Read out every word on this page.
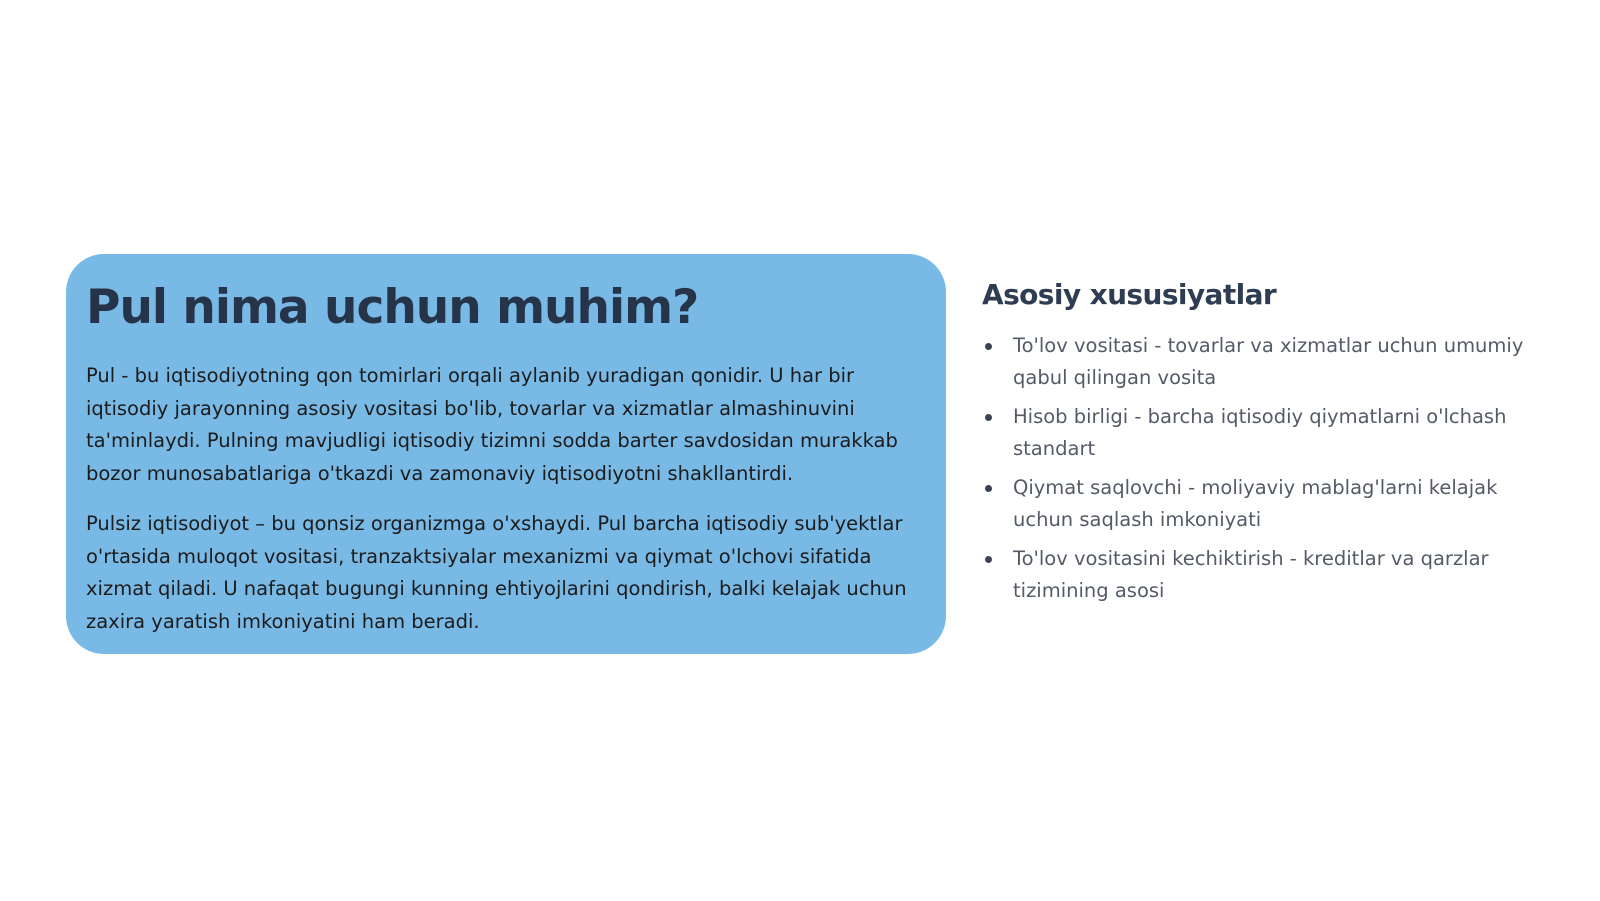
Pul nima uchun muhim?

Pul - bu iqtisodiyotning qon tomirlari orqali aylanib yuradigan qonidir. U har bir iqtisodiy jarayonning asosiy vositasi bo'lib, tovarlar va xizmatlar almashinuvini ta'minlaydi. Pulning mavjudligi iqtisodiy tizimni sodda barter savdosidan murakkab bozor munosabatlariga o'tkazdi va zamonaviy iqtisodiyotni shakllantirdi.

Pulsiz iqtisodiyot – bu qonsiz organizmga o'xshaydi. Pul barcha iqtisodiy sub'yektlar o'rtasida muloqot vositasi, tranzaktsiyalar mexanizmi va qiymat o'lchovi sifatida xizmat qiladi. U nafaqat bugungi kunning ehtiyojlarini qondirish, balki kelajak uchun zaxira yaratish imkoniyatini ham beradi.

Asosiy xususiyatlar
To'lov vositasi - tovarlar va xizmatlar uchun umumiy qabul qilingan vosita
Hisob birligi - barcha iqtisodiy qiymatlarni o'lchash standart
Qiymat saqlovchi - moliyaviy mablag'larni kelajak uchun saqlash imkoniyati
To'lov vositasini kechiktirish - kreditlar va qarzlar tizimining asosi
